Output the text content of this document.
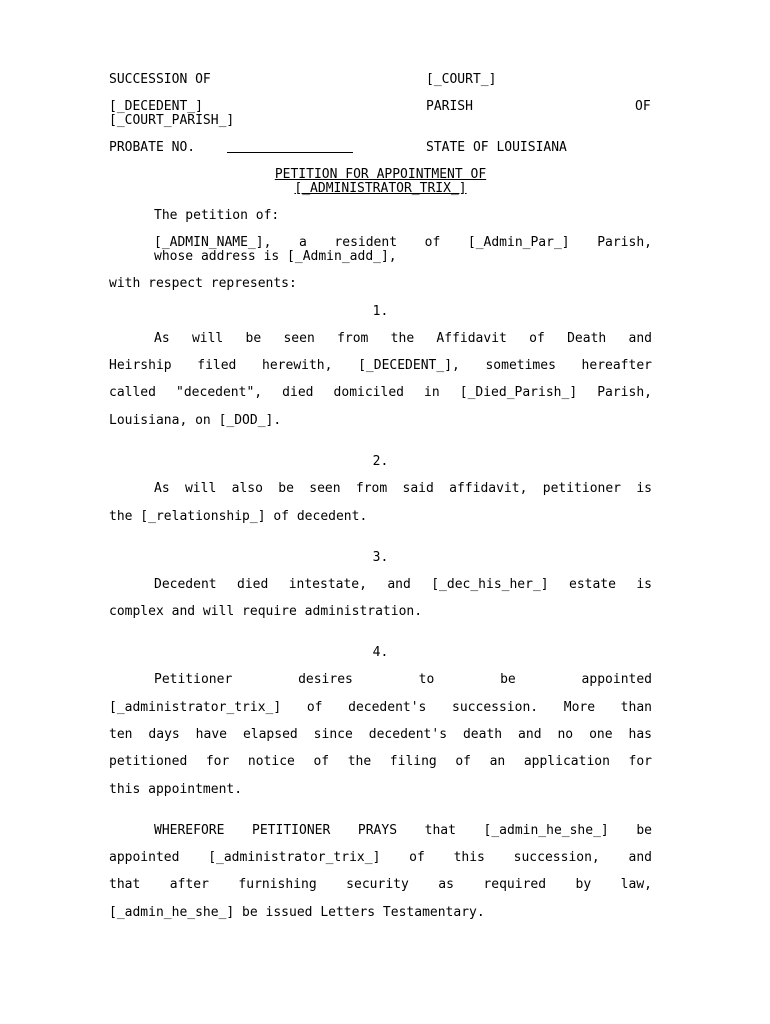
SUCCESSION OF	[_COURT_]
[_DECEDENT_]	PARISH	OF
[_COURT_PARISH_]
PROBATE NO.	STATE OF LOUISIANA
PETITION FOR APPOINTMENT OF
[_ADMINISTRATOR_TRIX_]
The petition of:
[_ADMIN_NAME_], a resident of [_Admin_Par_] Parish,
whose address is [_Admin_add_],
with respect represents:
1.
As will be seen from the Affidavit of Death and
Heirship filed herewith, [_DECEDENT_], sometimes hereafter
called "decedent", died domiciled in [_Died_Parish_] Parish,
Louisiana, on [_DOD_].
2.
As will also be seen from said affidavit, petitioner is
the [_relationship_] of decedent.
3.
Decedent died intestate, and [_dec_his_her_] estate is
complex and will require administration.
4.
Petitioner desires to be appointed
[_administrator_trix_] of decedent's succession. More than
ten days have elapsed since decedent's death and no one has
petitioned for notice of the filing of an application for
this appointment.
WHEREFORE PETITIONER PRAYS that [_admin_he_she_] be
appointed [_administrator_trix_] of this succession, and
that after furnishing security as required by law,
[_admin_he_she_] be issued Letters Testamentary.
